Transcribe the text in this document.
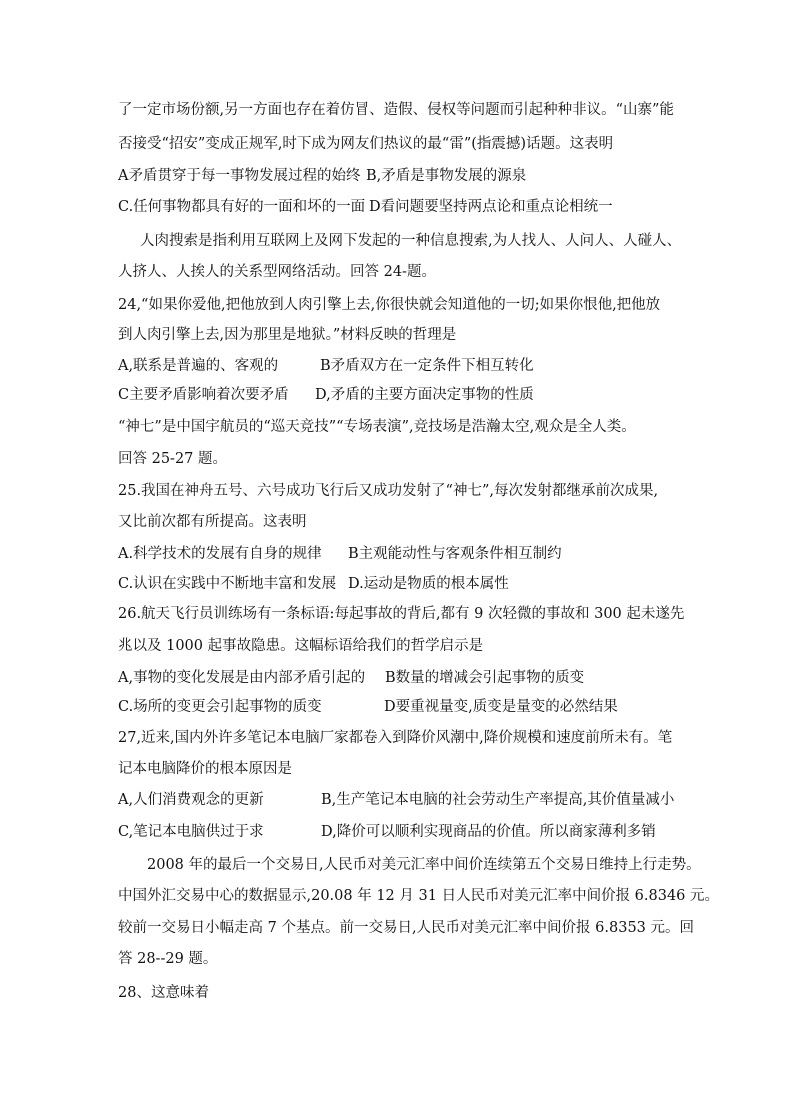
了一定市场份额,另一方面也存在着仿冒、造假、侵权等问题而引起种种非议。“山寨”能
否接受“招安”变成正规军,时下成为网友们热议的最“雷”(指震撼)话题。这表明
A矛盾贯穿于每一事物发展过程的始终 B,矛盾是事物发展的源泉
C.任何事物都具有好的一面和坏的一面 D看问题要坚持两点论和重点论相统一
人肉搜索是指利用互联网上及网下发起的一种信息搜索,为人找人、人问人、人碰人、
人挤人、人挨人的关系型网络活动。回答 24-题。
24,“如果你爱他,把他放到人肉引擎上去,你很快就会知道他的一切;如果你恨他,把他放
到人肉引擎上去,因为那里是地狱。”材料反映的哲理是
A,联系是普遍的、客观的	B矛盾双方在一定条件下相互转化
C主要矛盾影响着次要矛盾 D,矛盾的主要方面决定事物的性质
“神七”是中国宇航员的“巡天竞技”“专场表演”,竞技场是浩瀚太空,观众是全人类。
回答 25-27 题。
25.我国在神舟五号、六号成功飞行后又成功发射了“神七”,每次发射都继承前次成果,
又比前次都有所提高。这表明
A.科学技术的发展有自身的规律 B主观能动性与客观条件相互制约
C.认识在实践中不断地丰富和发展 D.运动是物质的根本属性
26.航天飞行员训练场有一条标语:每起事故的背后,都有 9 次轻微的事故和 300 起未遂先
兆以及 1000 起事故隐患。这幅标语给我们的哲学启示是
A,事物的变化发展是由内部矛盾引起的 B数量的增减会引起事物的质变
C.场所的变更会引起事物的质变	D要重视量变,质变是量变的必然结果
27,近来,国内外许多笔记本电脑厂家都卷入到降价风潮中,降价规模和速度前所未有。笔
记本电脑降价的根本原因是
A,人们消费观念的更新	B,生产笔记本电脑的社会劳动生产率提高,其价值量减小
C,笔记本电脑供过于求	D,降价可以顺利实现商品的价值。所以商家薄利多销
2008 年的最后一个交易日,人民币对美元汇率中间价连续第五个交易日维持上行走势。
中国外汇交易中心的数据显示,20.08 年 12 月 31 日人民币对美元汇率中间价报 6.8346 元。
较前一交易日小幅走高 7 个基点。前一交易日,人民币对美元汇率中间价报 6.8353 元。回
答 28--29 题。
28、这意味着
